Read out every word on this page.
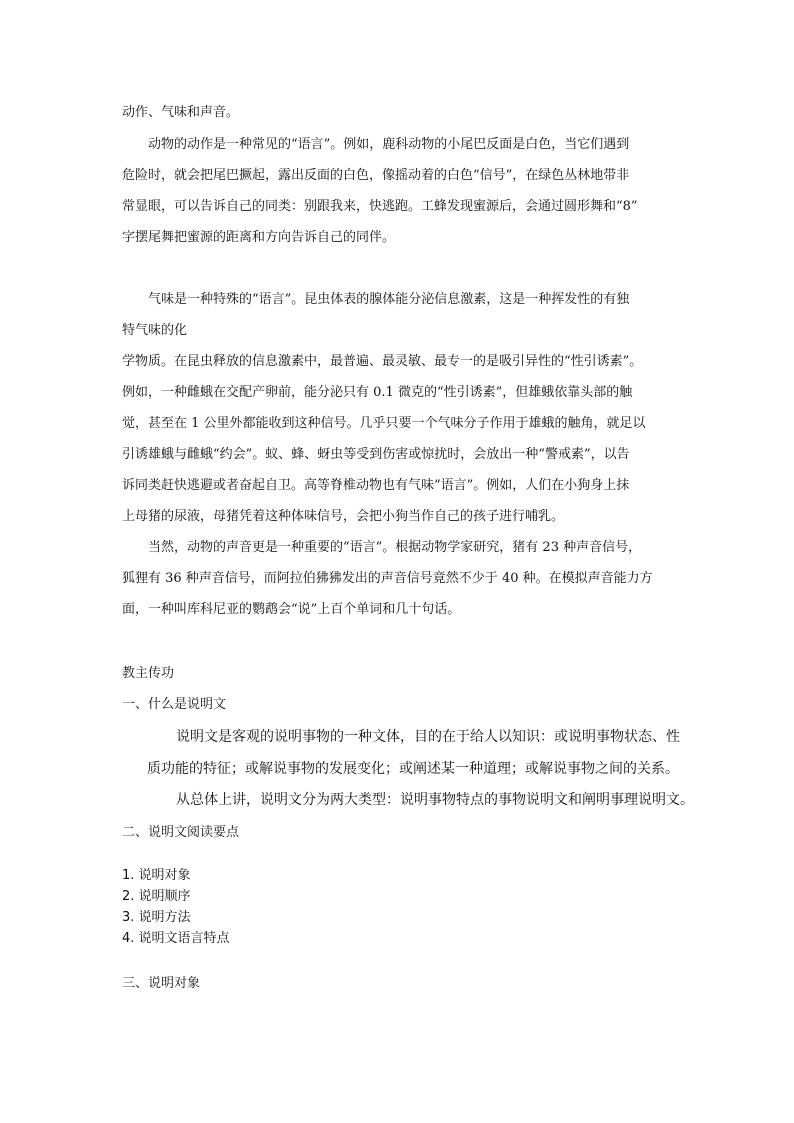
动作、气味和声音。
动物的动作是一种常见的“语言”。例如，鹿科动物的小尾巴反面是白色，当它们遇到
危险时，就会把尾巴撅起，露出反面的白色，像摇动着的白色“信号”，在绿色丛林地带非
常显眼，可以告诉自己的同类：别跟我来，快逃跑。工蜂发现蜜源后，会通过圆形舞和“8”
字摆尾舞把蜜源的距离和方向告诉自己的同伴。
气味是一种特殊的“语言”。昆虫体表的腺体能分泌信息激素，这是一种挥发性的有独
特气味的化
学物质。在昆虫释放的信息激素中，最普遍、最灵敏、最专一的是吸引异性的“性引诱素”。
例如，一种雌蛾在交配产卵前，能分泌只有 0.1 微克的“性引诱素”，但雄蛾依靠头部的触
觉，甚至在 1 公里外都能收到这种信号。几乎只要一个气味分子作用于雄蛾的触角，就足以
引诱雄蛾与雌蛾“约会”。蚁、蜂、蚜虫等受到伤害或惊扰时，会放出一种“警戒素”，以告
诉同类赶快逃避或者奋起自卫。高等脊椎动物也有气味“语言”。例如，人们在小狗身上抹
上母猪的尿液，母猪凭着这种体味信号，会把小狗当作自己的孩子进行哺乳。
当然，动物的声音更是一种重要的“语言”。根据动物学家研究，猪有 23 种声音信号，
狐狸有 36 种声音信号，而阿拉伯狒狒发出的声音信号竟然不少于 40 种。在模拟声音能力方
面，一种叫库科尼亚的鹦鹉会“说”上百个单词和几十句话。
教主传功
一、什么是说明文
说明文是客观的说明事物的一种文体，目的在于给人以知识：或说明事物状态、性
质功能的特征；或解说事物的发展变化；或阐述某一种道理；或解说事物之间的关系。
从总体上讲，说明文分为两大类型：说明事物特点的事物说明文和阐明事理说明文。
二、说明文阅读要点
1. 说明对象
2. 说明顺序
3. 说明方法
4. 说明文语言特点
三、说明对象
